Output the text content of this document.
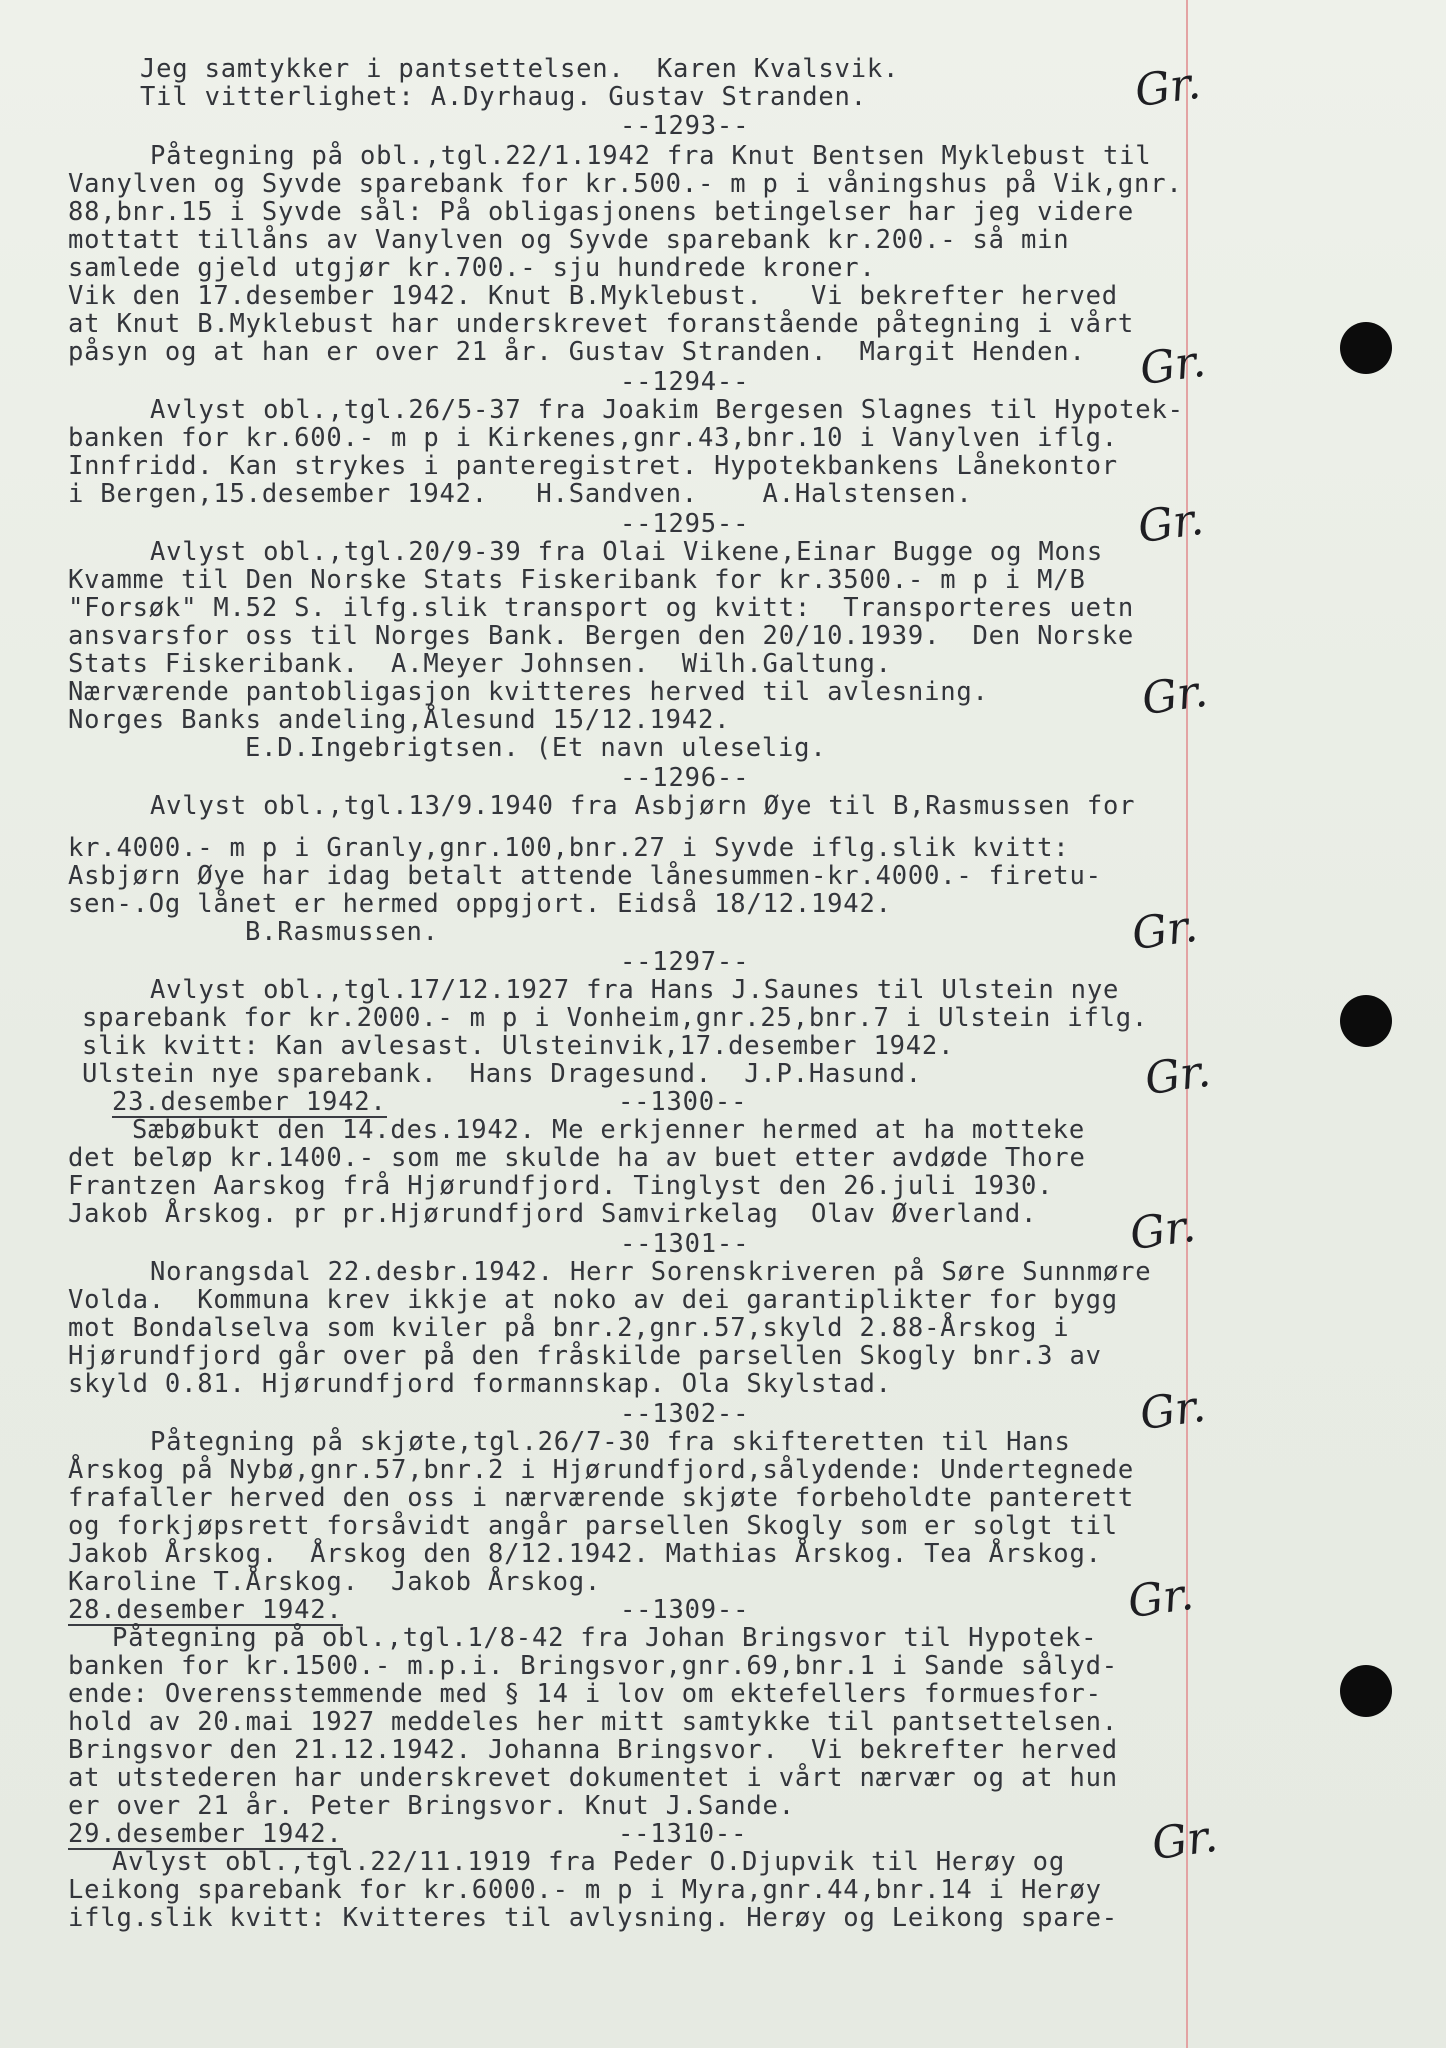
Jeg samtykker i pantsettelsen.  Karen Kvalsvik.
Til vitterlighet: A.Dyrhaug. Gustav Stranden.
--1293--
Påtegning på obl.,tgl.22/1.1942 fra Knut Bentsen Myklebust til
Vanylven og Syvde sparebank for kr.500.- m p i våningshus på Vik,gnr.
88,bnr.15 i Syvde sål: På obligasjonens betingelser har jeg videre
mottatt tillåns av Vanylven og Syvde sparebank kr.200.- så min
samlede gjeld utgjør kr.700.- sju hundrede kroner.
Vik den 17.desember 1942. Knut B.Myklebust.   Vi bekrefter herved
at Knut B.Myklebust har underskrevet foranstående påtegning i vårt
påsyn og at han er over 21 år. Gustav Stranden.  Margit Henden.
--1294--
Avlyst obl.,tgl.26/5-37 fra Joakim Bergesen Slagnes til Hypotek-
banken for kr.600.- m p i Kirkenes,gnr.43,bnr.10 i Vanylven iflg.
Innfridd. Kan strykes i panteregistret. Hypotekbankens Lånekontor
i Bergen,15.desember 1942.   H.Sandven.    A.Halstensen.
--1295--
Avlyst obl.,tgl.20/9-39 fra Olai Vikene,Einar Bugge og Mons
Kvamme til Den Norske Stats Fiskeribank for kr.3500.- m p i M/B
"Forsøk" M.52 S. ilfg.slik transport og kvitt:  Transporteres uetn
ansvarsfor oss til Norges Bank. Bergen den 20/10.1939.  Den Norske
Stats Fiskeribank.  A.Meyer Johnsen.  Wilh.Galtung.
Nærværende pantobligasjon kvitteres herved til avlesning.
Norges Banks andeling,Ålesund 15/12.1942.
E.D.Ingebrigtsen. (Et navn uleselig.
--1296--
Avlyst obl.,tgl.13/9.1940 fra Asbjørn Øye til B,Rasmussen for
kr.4000.- m p i Granly,gnr.100,bnr.27 i Syvde iflg.slik kvitt:
Asbjørn Øye har idag betalt attende lånesummen-kr.4000.- firetu-
sen-.Og lånet er hermed oppgjort. Eidså 18/12.1942.
B.Rasmussen.
--1297--
Avlyst obl.,tgl.17/12.1927 fra Hans J.Saunes til Ulstein nye
sparebank for kr.2000.- m p i Vonheim,gnr.25,bnr.7 i Ulstein iflg.
slik kvitt: Kan avlesast. Ulsteinvik,17.desember 1942.
Ulstein nye sparebank.  Hans Dragesund.  J.P.Hasund.
23.desember 1942.	--1300--
Sæbøbukt den 14.des.1942. Me erkjenner hermed at ha motteke
det beløp kr.1400.- som me skulde ha av buet etter avdøde Thore
Frantzen Aarskog frå Hjørundfjord. Tinglyst den 26.juli 1930.
Jakob Årskog. pr pr.Hjørundfjord Samvirkelag  Olav Øverland.
--1301--
Norangsdal 22.desbr.1942. Herr Sorenskriveren på Søre Sunnmøre
Volda.  Kommuna krev ikkje at noko av dei garantiplikter for bygg
mot Bondalselva som kviler på bnr.2,gnr.57,skyld 2.88-Årskog i
Hjørundfjord går over på den fråskilde parsellen Skogly bnr.3 av
skyld 0.81. Hjørundfjord formannskap. Ola Skylstad.
--1302--
Påtegning på skjøte,tgl.26/7-30 fra skifteretten til Hans
Årskog på Nybø,gnr.57,bnr.2 i Hjørundfjord,sålydende: Undertegnede
frafaller herved den oss i nærværende skjøte forbeholdte panterett
og forkjøpsrett forsåvidt angår parsellen Skogly som er solgt til
Jakob Årskog.  Årskog den 8/12.1942. Mathias Årskog. Tea Årskog.
Karoline T.Årskog.  Jakob Årskog.
28.desember 1942.	--1309--
Påtegning på obl.,tgl.1/8-42 fra Johan Bringsvor til Hypotek-
banken for kr.1500.- m.p.i. Bringsvor,gnr.69,bnr.1 i Sande sålyd-
ende: Overensstemmende med § 14 i lov om ektefellers formuesfor-
hold av 20.mai 1927 meddeles her mitt samtykke til pantsettelsen.
Bringsvor den 21.12.1942. Johanna Bringsvor.  Vi bekrefter herved
at utstederen har underskrevet dokumentet i vårt nærvær og at hun
er over 21 år. Peter Bringsvor. Knut J.Sande.
29.desember 1942.	--1310--
Avlyst obl.,tgl.22/11.1919 fra Peder O.Djupvik til Herøy og
Leikong sparebank for kr.6000.- m p i Myra,gnr.44,bnr.14 i Herøy
iflg.slik kvitt: Kvitteres til avlysning. Herøy og Leikong spare-
Gr.
Gr.
Gr.
Gr.
Gr.
Gr.
Gr.
Gr.
Gr.
Gr.
